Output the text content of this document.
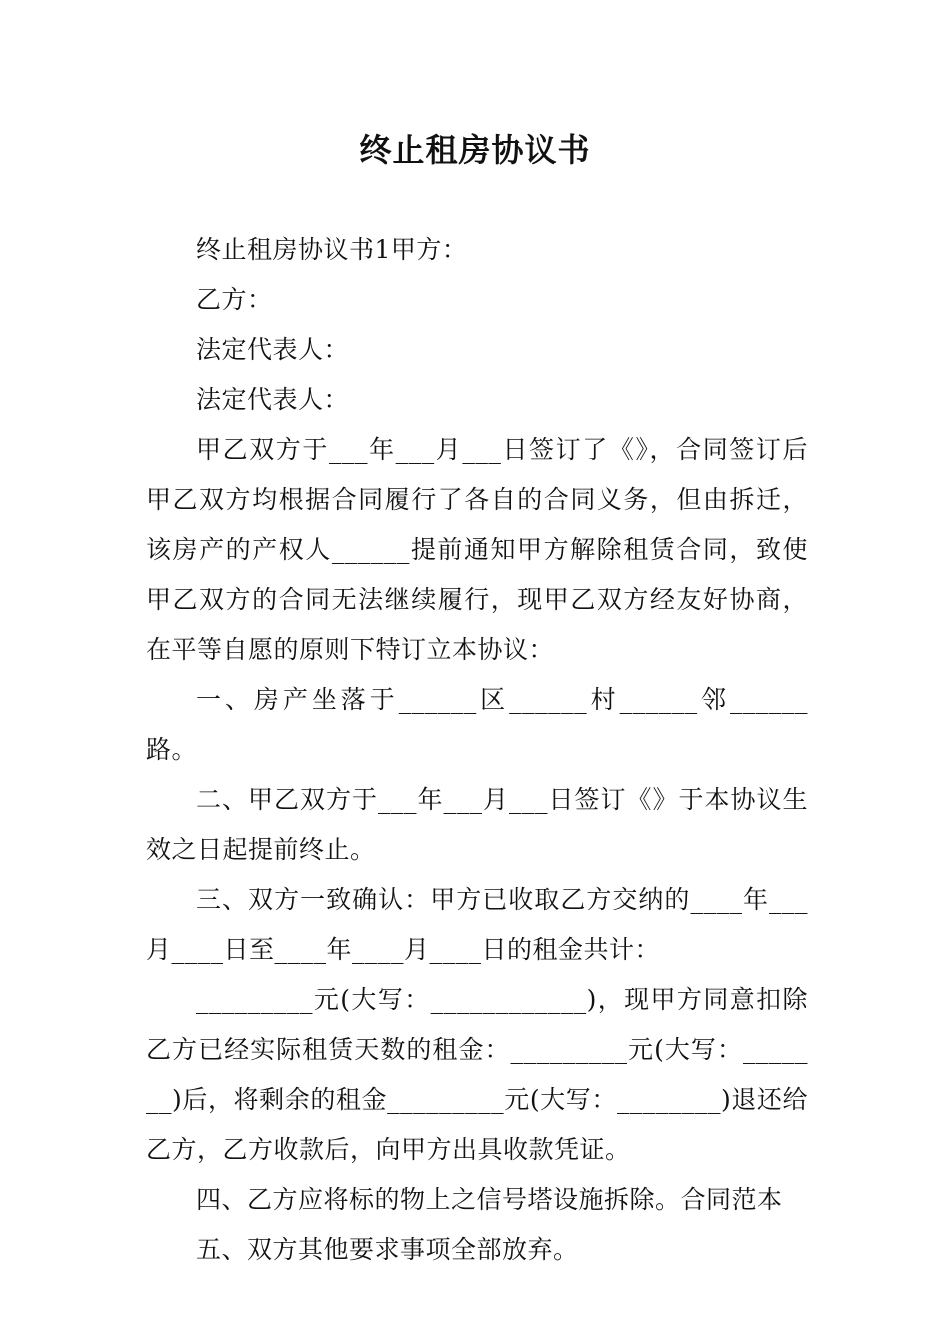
终止租房协议书

终止租房协议书1甲方：

乙方：

法定代表人：

法定代表人：

甲乙双方于___年___月___日签订了《》，合同签订后甲乙双方均根据合同履行了各自的合同义务，但由拆迁，该房产的产权人______提前通知甲方解除租赁合同，致使甲乙双方的合同无法继续履行，现甲乙双方经友好协商，在平等自愿的原则下特订立本协议：

一、房产坐落于______区______村______邻______路。

二、甲乙双方于___年___月___日签订《》于本协议生效之日起提前终止。

三、双方一致确认：甲方已收取乙方交纳的____年___月____日至____年____月____日的租金共计：

_________元(大写：____________)，现甲方同意扣除乙方已经实际租赁天数的租金：_________元(大写：_______)后，将剩余的租金_________元(大写：________)退还给乙方，乙方收款后，向甲方出具收款凭证。

四、乙方应将标的物上之信号塔设施拆除。合同范本

五、双方其他要求事项全部放弃。
